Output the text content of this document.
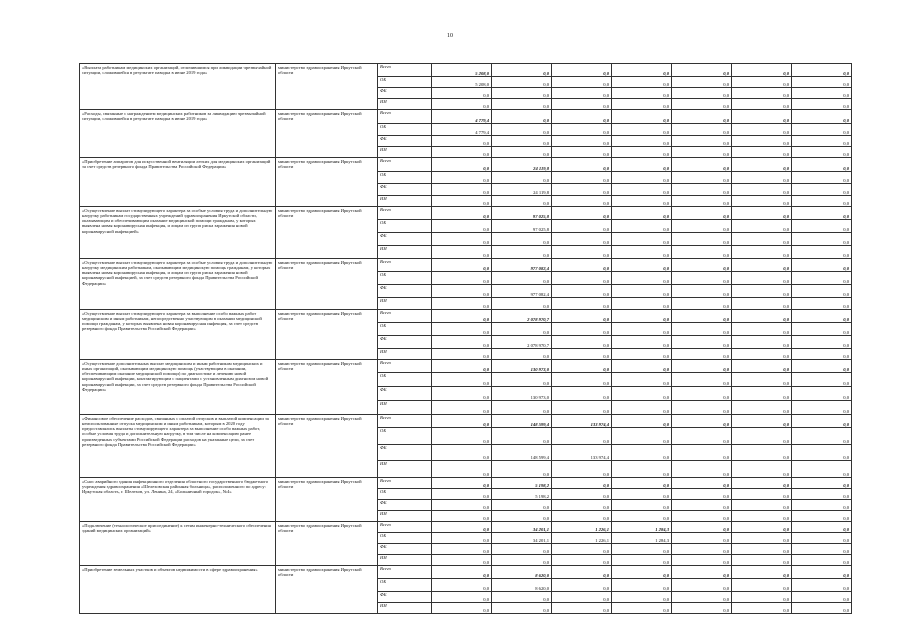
10
«Выплата работникам медицинских организаций, отличившимся при ликвидации чрезвычайной ситуации, сложившейся в результате паводка в июне 2019 года»	министерство здравоохранения Иркутской области	Всего	5 208,0	0,0	0,0	0,0	0,0	0,0	0,0
		ОБ	5 208,0	0,0	0,0	0,0	0,0	0,0	0,0
		ФБ	0,0	0,0	0,0	0,0	0,0	0,0	0,0
		ИИ	0,0	0,0	0,0	0,0	0,0	0,0	0,0
«Расходы, связанные с награждением медицинских работников за ликвидацию чрезвычайной ситуации, сложившейся в результате паводка в июне 2019 года»	министерство здравоохранения Иркутской области	Всего	4 779,4	0,0	0,0	0,0	0,0	0,0	0,0
		ОБ	4 779,4	0,0	0,0	0,0	0,0	0,0	0,0
		ФБ	0,0	0,0	0,0	0,0	0,0	0,0	0,0
		ИИ	0,0	0,0	0,0	0,0	0,0	0,0	0,0
«Приобретение аппаратов для искусственной вентиляции легких для медицинских организаций за счет средств резервного фонда Правительства Российской Федерации»	министерство здравоохранения Иркутской области	Всего	0,0	24 119,8	0,0	0,0	0,0	0,0	0,0
		ОБ	0,0	0,0	0,0	0,0	0,0	0,0	0,0
		ФБ	0,0	24 119,8	0,0	0,0	0,0	0,0	0,0
		ИИ	0,0	0,0	0,0	0,0	0,0	0,0	0,0
«Осуществление выплат стимулирующего характера за особые условия труда и дополнительную нагрузку работникам государственных учреждений здравоохранения Иркутской области, оказывающим и обеспечивающим оказание медицинской помощи гражданам, у которых выявлена новая коронавирусная инфекция, и лицам из групп риска заражения новой коронавирусной инфекцией»	министерство здравоохранения Иркутской области	Всего	0,0	97 025,8	0,0	0,0	0,0	0,0	0,0
		ОБ	0,0	97 025,8	0,0	0,0	0,0	0,0	0,0
		ФБ	0,0	0,0	0,0	0,0	0,0	0,0	0,0
		ИИ	0,0	0,0	0,0	0,0	0,0	0,0	0,0
«Осуществление выплат стимулирующего характера за особые условия труда и дополнительную нагрузку медицинским работникам, оказывающим медицинскую помощь гражданам, у которых выявлена новая коронавирусная инфекция, и лицам из групп риска заражения новой коронавирусной инфекцией, за счет средств резервного фонда Правительства Российской Федерации»	министерство здравоохранения Иркутской области	Всего	0,0	977 082,4	0,0	0,0	0,0	0,0	0,0
		ОБ	0,0	0,0	0,0	0,0	0,0	0,0	0,0
		ФБ	0,0	977 082,4	0,0	0,0	0,0	0,0	0,0
		ИИ	0,0	0,0	0,0	0,0	0,0	0,0	0,0
«Осуществление выплат стимулирующего характера за выполнение особо важных работ медицинским и иным работникам, непосредственно участвующим в оказании медицинской помощи гражданам, у которых выявлена новая коронавирусная инфекция, за счет средств резервного фонда Правительства Российской Федерации»	министерство здравоохранения Иркутской области	Всего	0,0	2 078 970,7	0,0	0,0	0,0	0,0	0,0
		ОБ	0,0	0,0	0,0	0,0	0,0	0,0	0,0
		ФБ	0,0	2 078 970,7	0,0	0,0	0,0	0,0	0,0
		ИИ	0,0	0,0	0,0	0,0	0,0	0,0	0,0
«Осуществление дополнительных выплат медицинским и иным работникам медицинских и иных организаций, оказывающим медицинскую помощь (участвующим в оказании, обеспечивающим оказание медицинской помощи) по диагностике и лечению новой коронавирусной инфекции, контактирующим с пациентами с установленным диагнозом новой коронавирусной инфекции, за счет средств резервного фонда Правительства Российской Федерации»	министерство здравоохранения Иркутской области	Всего	0,0	130 973,0	0,0	0,0	0,0	0,0	0,0
		ОБ	0,0	0,0	0,0	0,0	0,0	0,0	0,0
		ФБ	0,0	130 973,0	0,0	0,0	0,0	0,0	0,0
		ИИ	0,0	0,0	0,0	0,0	0,0	0,0	0,0
«Финансовое обеспечение расходов, связанных с оплатой отпусков и выплатой компенсации за неиспользованные отпуска медицинским и иным работникам, которым в 2020 году предоставлялись выплаты стимулирующего характера за выполнение особо важных работ, особые условия труда и дополнительную нагрузку, в том числе на компенсацию ранее произведенных субъектами Российской Федерации расходов на указанные цели, за счет резервного фонда Правительства Российской Федерации»	министерство здравоохранения Иркутской области	Всего	0,0	148 599,4	133 974,4	0,0	0,0	0,0	0,0
		ОБ	0,0	0,0	0,0	0,0	0,0	0,0	0,0
		ФБ	0,0	148 599,4	133 974,4	0,0	0,0	0,0	0,0
		ИИ	0,0	0,0	0,0	0,0	0,0	0,0	0,0
«Снос аварийного здания инфекционного отделения областного государственного бюджетного учреждения здравоохранения «Шелеховская районная больница», расположенного по адресу: Иркутская область, г. Шелехов, ул. Ленина, 24, «Больничный городок», №4»	министерство здравоохранения Иркутской области	Всего	0,0	5 198,2	0,0	0,0	0,0	0,0	0,0
		ОБ	0,0	5 198,2	0,0	0,0	0,0	0,0	0,0
		ФБ	0,0	0,0	0,0	0,0	0,0	0,0	0,0
		ИИ	0,0	0,0	0,0	0,0	0,0	0,0	0,0
«Подключение (технологическое присоединение) к сетям инженерно-технического обеспечения зданий медицинских организаций»	министерство здравоохранения Иркутской области	Всего	0,0	34 201,1	1 226,1	1 284,3	0,0	0,0	0,0
		ОБ	0,0	34 201,1	1 226,1	1 284,3	0,0	0,0	0,0
		ФБ	0,0	0,0	0,0	0,0	0,0	0,0	0,0
		ИИ	0,0	0,0	0,0	0,0	0,0	0,0	0,0
«Приобретение земельных участков и объектов недвижимости в сфере здравоохранения»	министерство здравоохранения Иркутской области	Всего	0,0	8 620,0	0,0	0,0	0,0	0,0	0,0
		ОБ	0,0	8 620,0	0,0	0,0	0,0	0,0	0,0
		ФБ	0,0	0,0	0,0	0,0	0,0	0,0	0,0
		ИИ	0,0	0,0	0,0	0,0	0,0	0,0	0,0
